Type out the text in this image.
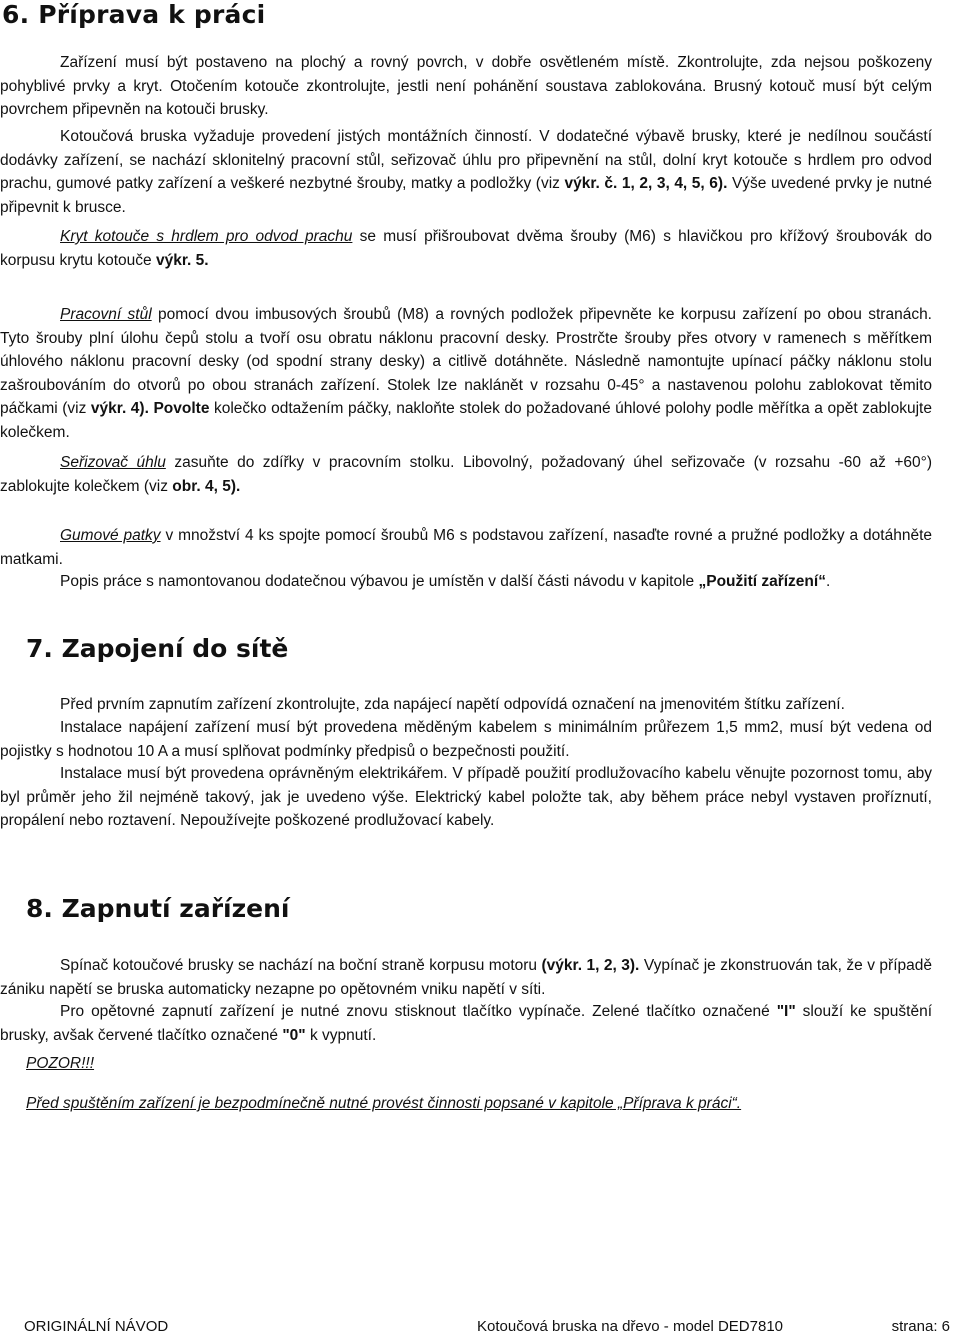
6. Příprava k práci

Zařízení musí být postaveno na plochý a rovný povrch, v dobře osvětleném místě. Zkontrolujte, zda nejsou poškozeny pohyblivé prvky a kryt. Otočením kotouče zkontrolujte, jestli není pohánění soustava zablokována. Brusný kotouč musí být celým povrchem připevněn na kotouči brusky.

Kotoučová bruska vyžaduje provedení jistých montážních činností. V dodatečné výbavě brusky, které je nedílnou součástí dodávky zařízení, se nachází sklonitelný pracovní stůl, seřizovač úhlu pro připevnění na stůl, dolní kryt kotouče s hrdlem pro odvod prachu, gumové patky zařízení a veškeré nezbytné šrouby, matky a podložky (viz výkr. č. 1, 2, 3, 4, 5, 6). Výše uvedené prvky je nutné připevnit k brusce.

Kryt kotouče s hrdlem pro odvod prachu se musí přišroubovat dvěma šrouby (M6) s hlavičkou pro křížový šroubovák do korpusu krytu kotouče výkr. 5.

Pracovní stůl pomocí dvou imbusových šroubů (M8) a rovných podložek připevněte ke korpusu zařízení po obou stranách. Tyto šrouby plní úlohu čepů stolu a tvoří osu obratu náklonu pracovní desky. Prostrčte šrouby přes otvory v ramenech s měřítkem úhlového náklonu pracovní desky (od spodní strany desky) a citlivě dotáhněte. Následně namontujte upínací páčky náklonu stolu zašroubováním do otvorů po obou stranách zařízení. Stolek lze naklánět v rozsahu 0-45° a nastavenou polohu zablokovat těmito páčkami (viz výkr. 4). Povolte kolečko odtažením páčky, nakloňte stolek do požadované úhlové polohy podle měřítka a opět zablokujte kolečkem.

Seřizovač úhlu zasuňte do zdířky v pracovním stolku. Libovolný, požadovaný úhel seřizovače (v rozsahu -60 až +60°) zablokujte kolečkem (viz obr. 4, 5).

Gumové patky v množství 4 ks spojte pomocí šroubů M6 s podstavou zařízení, nasaďte rovné a pružné podložky a dotáhněte matkami.

Popis práce s namontovanou dodatečnou výbavou je umístěn v další části návodu v kapitole „Použití zařízení“.

7. Zapojení do sítě

Před prvním zapnutím zařízení zkontrolujte, zda napájecí napětí odpovídá označení na jmenovitém štítku zařízení.

Instalace napájení zařízení musí být provedena měděným kabelem s minimálním průřezem 1,5 mm2, musí být vedena od pojistky s hodnotou 10 A a musí splňovat podmínky předpisů o bezpečnosti použití.

Instalace musí být provedena oprávněným elektrikářem. V případě použití prodlužovacího kabelu věnujte pozornost tomu, aby byl průměr jeho žil nejméně takový, jak je uvedeno výše. Elektrický kabel položte tak, aby během práce nebyl vystaven proříznutí, propálení nebo roztavení. Nepoužívejte poškozené prodlužovací kabely.

8. Zapnutí zařízení

Spínač kotoučové brusky se nachází na boční straně korpusu motoru (výkr. 1, 2, 3). Vypínač je zkonstruován tak, že v případě zániku napětí se bruska automaticky nezapne po opětovném vniku napětí v síti.

Pro opětovné zapnutí zařízení je nutné znovu stisknout tlačítko vypínače. Zelené tlačítko označené "I" slouží ke spuštění brusky, avšak červené tlačítko označené "0" k vypnutí.

POZOR!!!

Před spuštěním zařízení je bezpodmínečně nutné provést činnosti popsané v kapitole „Příprava k práci“.

ORIGINÁLNÍ NÁVOD	Kotoučová bruska na dřevo - model DED7810	strana: 6
